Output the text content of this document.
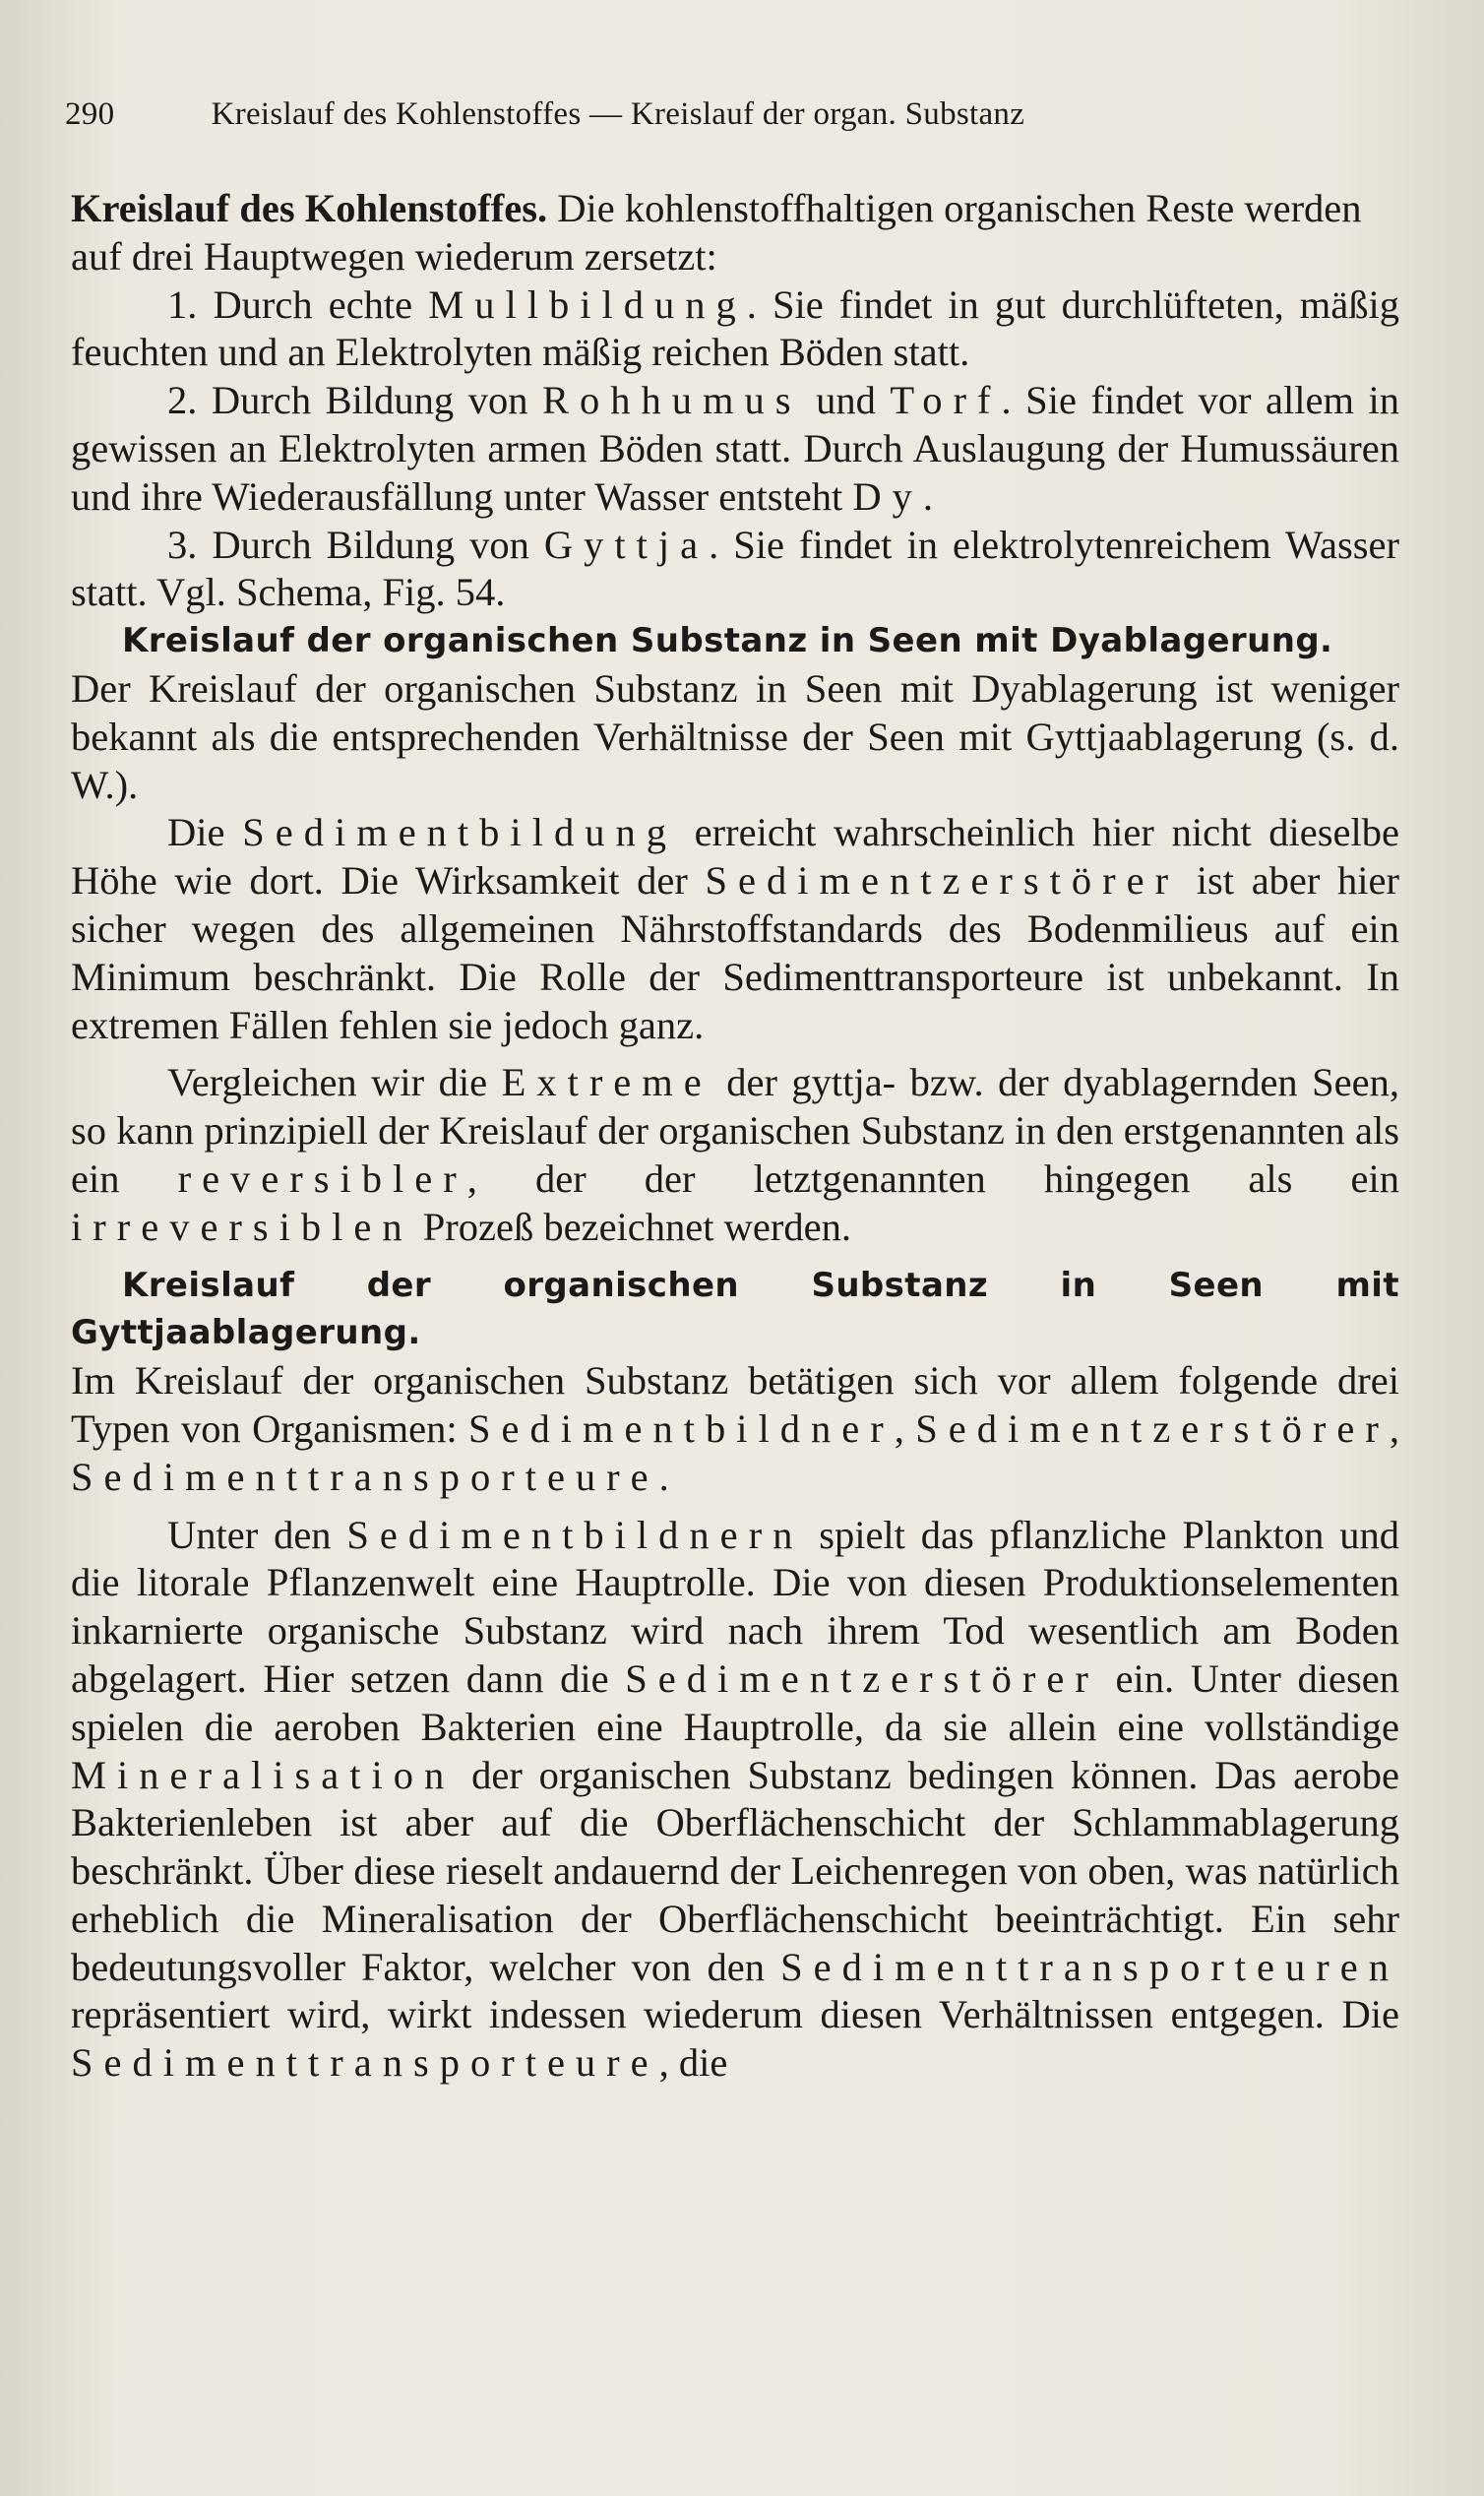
290	Kreislauf des Kohlenstoffes — Kreislauf der organ. Substanz

Kreislauf des Kohlenstoffes. Die kohlenstoffhaltigen organischen Reste werden auf drei Hauptwegen wiederum zersetzt:

1. Durch echte Mullbildung. Sie findet in gut durchlüfteten, mäßig feuchten und an Elektrolyten mäßig reichen Böden statt.

2. Durch Bildung von Rohhumus und Torf. Sie findet vor allem in gewissen an Elektrolyten armen Böden statt. Durch Auslaugung der Humussäuren und ihre Wiederausfällung unter Wasser entsteht Dy.

3. Durch Bildung von Gyttja. Sie findet in elektrolytenreichem Wasser statt. Vgl. Schema, Fig. 54.

Kreislauf der organischen Substanz in Seen mit Dyablagerung.

Der Kreislauf der organischen Substanz in Seen mit Dyablagerung ist weniger bekannt als die entsprechenden Verhältnisse der Seen mit Gyttjaablagerung (s. d. W.).

Die Sedimentbildung erreicht wahrscheinlich hier nicht dieselbe Höhe wie dort. Die Wirksamkeit der Sedimentzerstörer ist aber hier sicher wegen des allgemeinen Nährstoffstandards des Bodenmilieus auf ein Minimum beschränkt. Die Rolle der Sedimenttransporteure ist unbekannt. In extremen Fällen fehlen sie jedoch ganz.

Vergleichen wir die Extreme der gyttja- bzw. der dyablagernden Seen, so kann prinzipiell der Kreislauf der organischen Substanz in den erstgenannten als ein reversibler, der der letztgenannten hingegen als ein irreversiblen Prozeß bezeichnet werden.

Kreislauf der organischen Substanz in Seen mit Gyttjaablagerung.

Im Kreislauf der organischen Substanz betätigen sich vor allem folgende drei Typen von Organismen: Sedimentbildner, Sedimentzerstörer, Sedimenttransporteure.

Unter den Sedimentbildnern spielt das pflanzliche Plankton und die litorale Pflanzenwelt eine Hauptrolle. Die von diesen Produktionselementen inkarnierte organische Substanz wird nach ihrem Tod wesentlich am Boden abgelagert. Hier setzen dann die Sedimentzerstörer ein. Unter diesen spielen die aeroben Bakterien eine Hauptrolle, da sie allein eine vollständige Mineralisation der organischen Substanz bedingen können. Das aerobe Bakterienleben ist aber auf die Oberflächenschicht der Schlammablagerung beschränkt. Über diese rieselt andauernd der Leichenregen von oben, was natürlich erheblich die Mineralisation der Oberflächenschicht beeinträchtigt. Ein sehr bedeutungsvoller Faktor, welcher von den Sedimenttransporteuren repräsentiert wird, wirkt indessen wiederum diesen Verhältnissen entgegen. Die Sedimenttransporteure, die
